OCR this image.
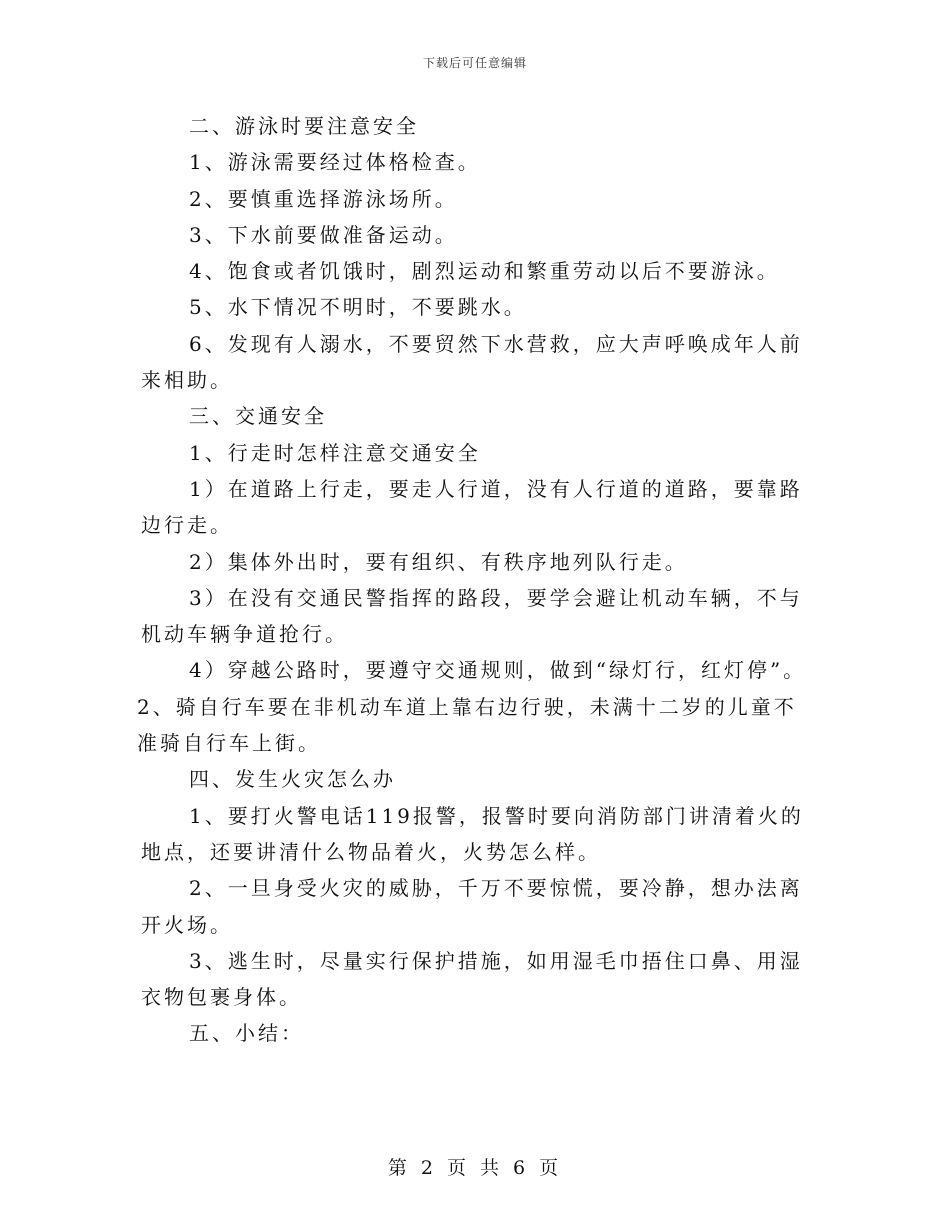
下载后可任意编辑

二、游泳时要注意安全

1、游泳需要经过体格检查。

2、要慎重选择游泳场所。

3、下水前要做准备运动。

4、饱食或者饥饿时，剧烈运动和繁重劳动以后不要游泳。

5、水下情况不明时，不要跳水。

6、发现有人溺水，不要贸然下水营救，应大声呼唤成年人前来相助。

三、交通安全

1、行走时怎样注意交通安全

1）在道路上行走，要走人行道，没有人行道的道路，要靠路边行走。

2）集体外出时，要有组织、有秩序地列队行走。

3）在没有交通民警指挥的路段，要学会避让机动车辆，不与机动车辆争道抢行。

4）穿越公路时，要遵守交通规则，做到“绿灯行，红灯停”。

2、骑自行车要在非机动车道上靠右边行驶，未满十二岁的儿童不准骑自行车上街。

四、发生火灾怎么办

1、要打火警电话119报警，报警时要向消防部门讲清着火的地点，还要讲清什么物品着火，火势怎么样。

2、一旦身受火灾的威胁，千万不要惊慌，要冷静，想办法离开火场。

3、逃生时，尽量实行保护措施，如用湿毛巾捂住口鼻、用湿衣物包裹身体。

五、小结：

第 2 页 共 6 页
